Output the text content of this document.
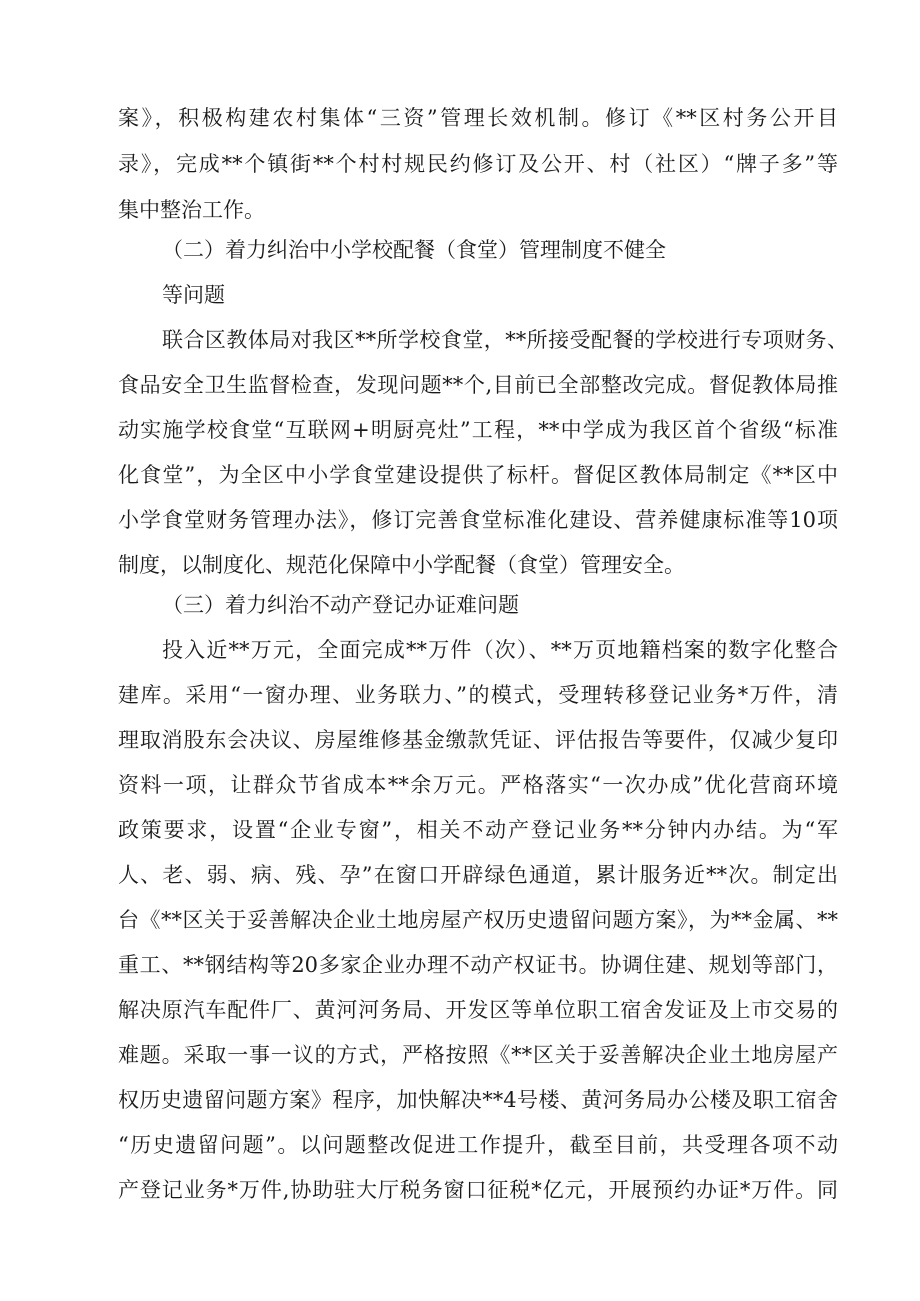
案》，积极构建农村集体“三资”管理长效机制。修订《**区村务公开目
录》，完成**个镇街**个村村规民约修订及公开、村（社区）“牌子多”等
集中整治工作。
（二）着力纠治中小学校配餐（食堂）管理制度不健全
等问题
联合区教体局对我区**所学校食堂，**所接受配餐的学校进行专项财务、
食品安全卫生监督检查，发现问题**个,目前已全部整改完成。督促教体局推
动实施学校食堂“互联网+明厨亮灶”工程，**中学成为我区首个省级“标准
化食堂”，为全区中小学食堂建设提供了标杆。督促区教体局制定《**区中
小学食堂财务管理办法》，修订完善食堂标准化建设、营养健康标准等10项
制度，以制度化、规范化保障中小学配餐（食堂）管理安全。
（三）着力纠治不动产登记办证难问题
投入近**万元，全面完成**万件（次）、**万页地籍档案的数字化整合
建库。采用“一窗办理、业务联力、”的模式，受理转移登记业务*万件，清
理取消股东会决议、房屋维修基金缴款凭证、评估报告等要件，仅减少复印
资料一项，让群众节省成本**余万元。严格落实“一次办成”优化营商环境
政策要求，设置“企业专窗”，相关不动产登记业务**分钟内办结。为“军
人、老、弱、病、残、孕”在窗口开辟绿色通道，累计服务近**次。制定出
台《**区关于妥善解决企业土地房屋产权历史遗留问题方案》，为**金属、**
重工、**钢结构等20多家企业办理不动产权证书。协调住建、规划等部门，
解决原汽车配件厂、黄河河务局、开发区等单位职工宿舍发证及上市交易的
难题。采取一事一议的方式，严格按照《**区关于妥善解决企业土地房屋产
权历史遗留问题方案》程序，加快解决**4号楼、黄河务局办公楼及职工宿舍
“历史遗留问题”。以问题整改促进工作提升，截至目前，共受理各项不动
产登记业务*万件,协助驻大厅税务窗口征税*亿元，开展预约办证*万件。同
